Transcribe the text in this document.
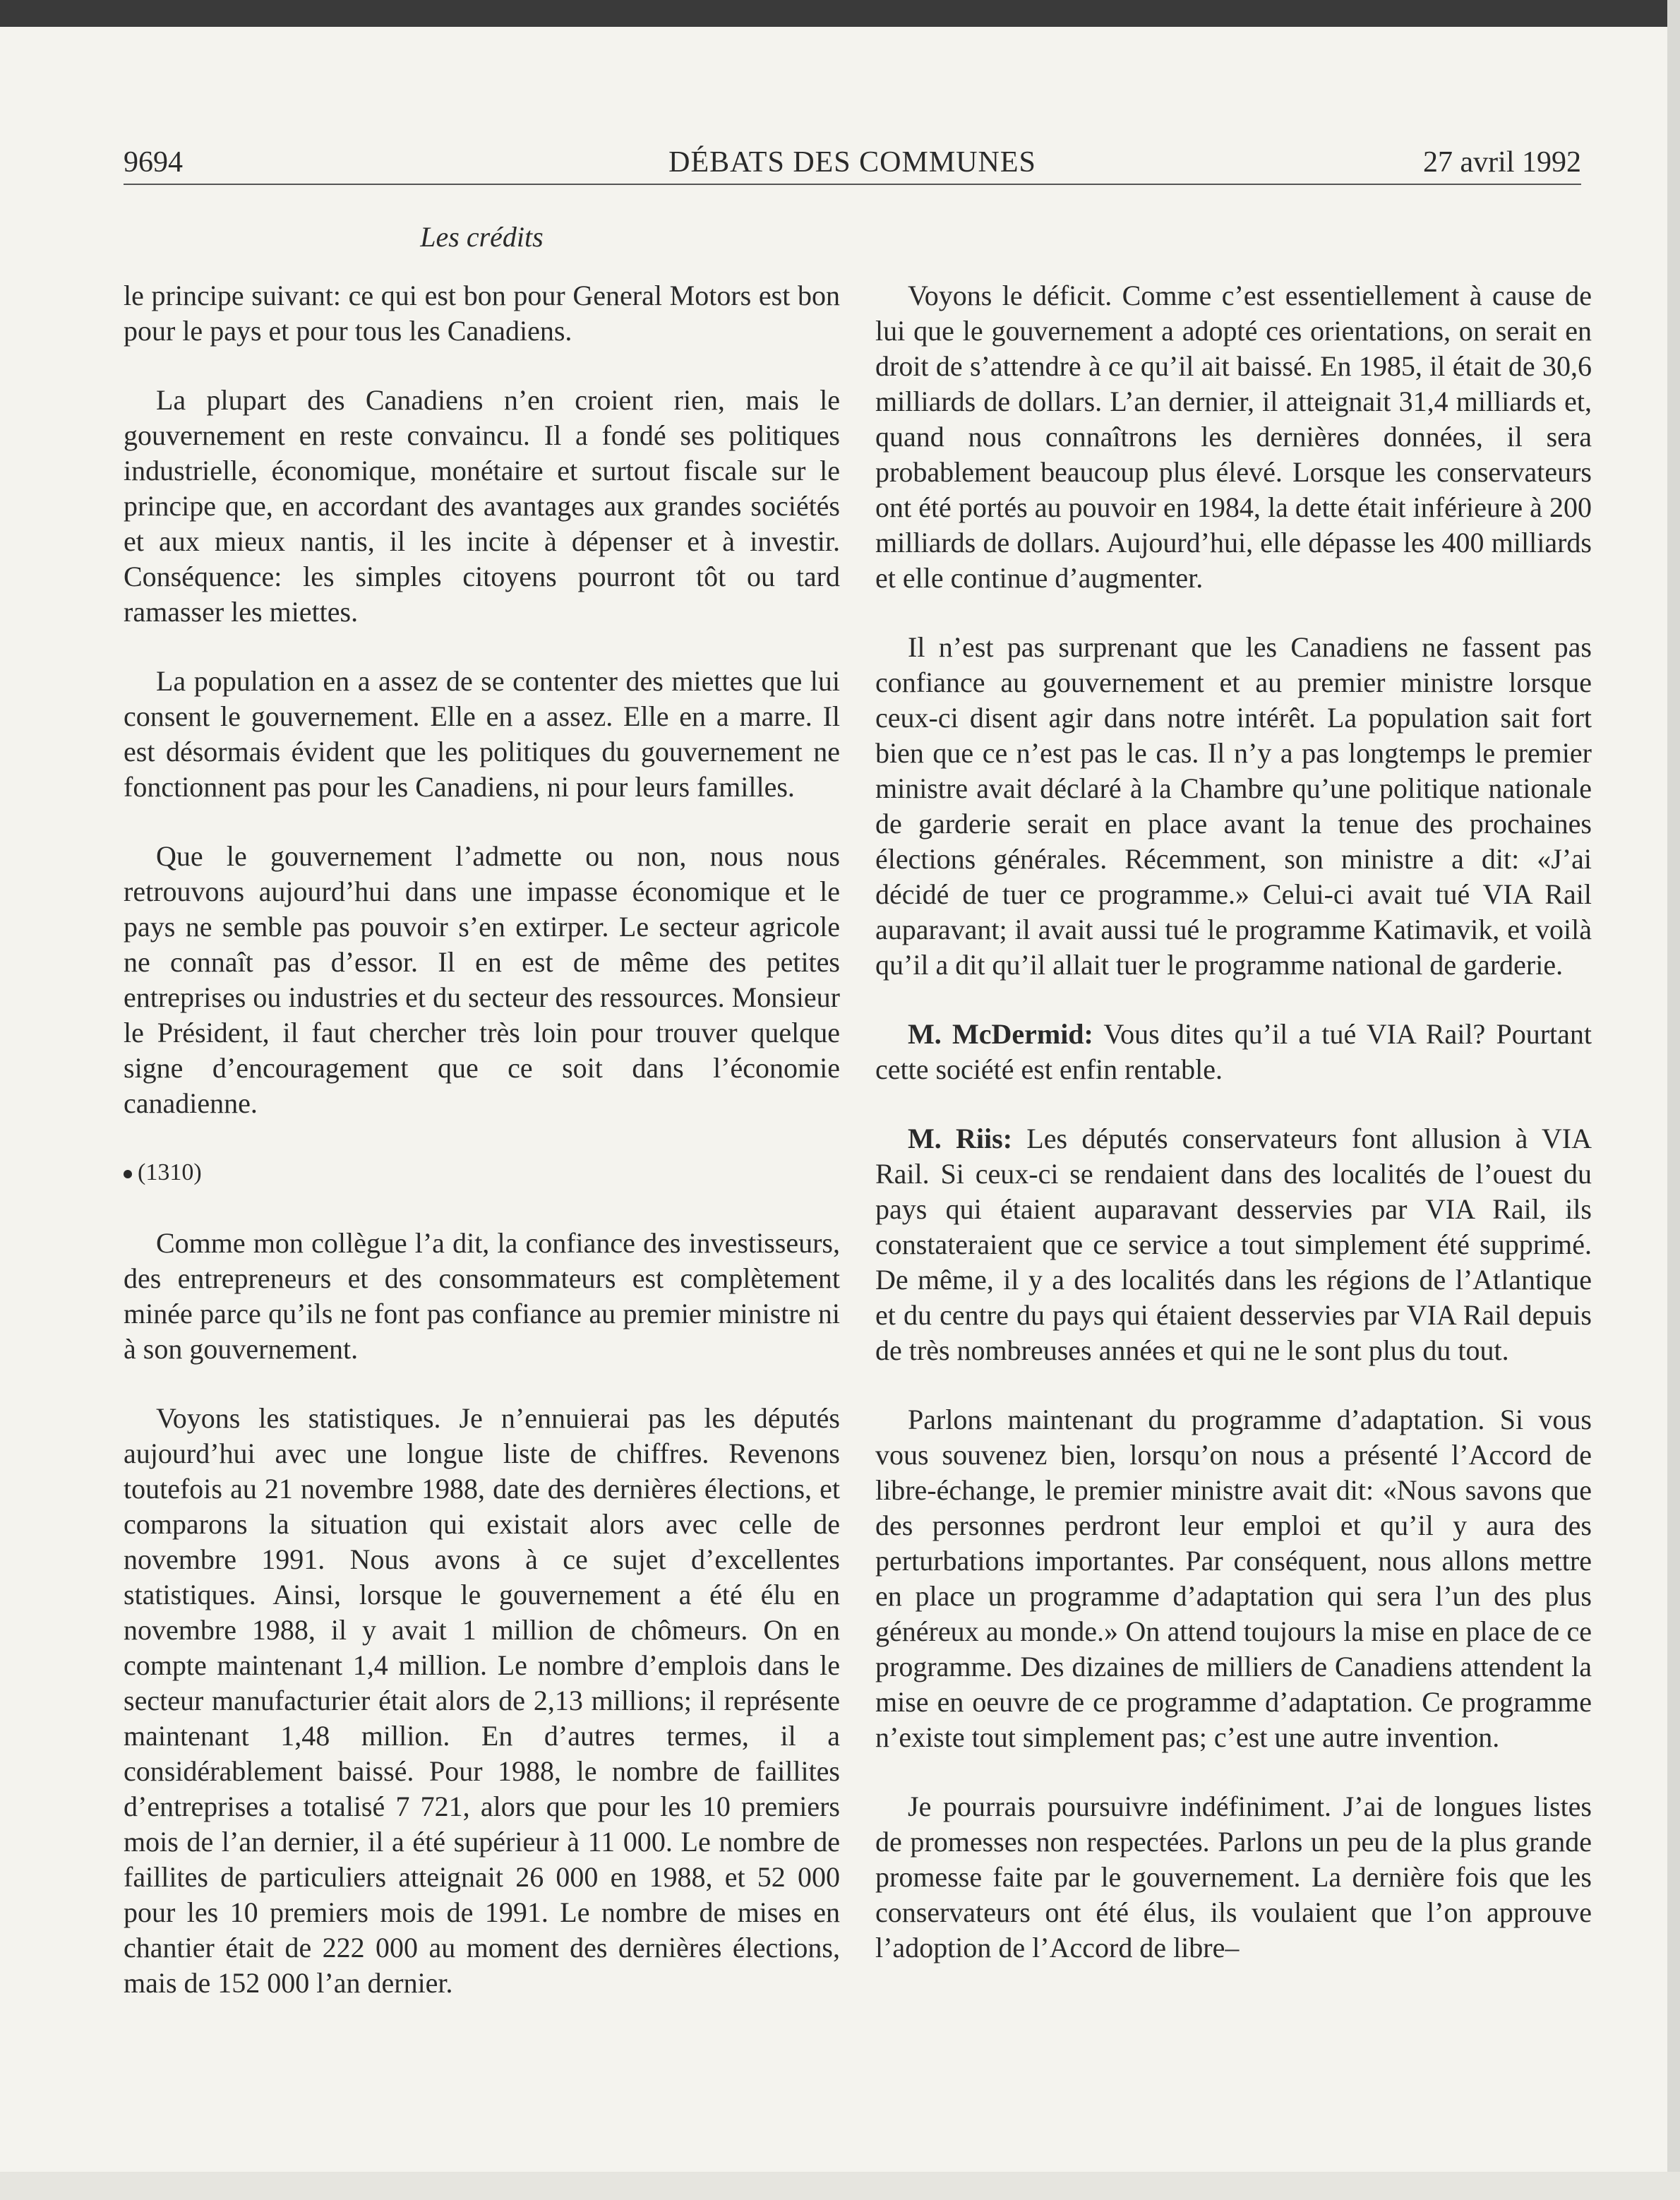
9694	DÉBATS DES COMMUNES	27 avril 1992
Les crédits

le principe suivant: ce qui est bon pour General Motors est bon pour le pays et pour tous les Canadiens.

La plupart des Canadiens n’en croient rien, mais le gouvernement en reste convaincu. Il a fondé ses politiques industrielle, économique, monétaire et surtout fiscale sur le principe que, en accordant des avantages aux grandes sociétés et aux mieux nantis, il les incite à dépenser et à investir. Conséquence: les simples citoyens pourront tôt ou tard ramasser les miettes.

La population en a assez de se contenter des miettes que lui consent le gouvernement. Elle en a assez. Elle en a marre. Il est désormais évident que les politiques du gouvernement ne fonctionnent pas pour les Canadiens, ni pour leurs familles.

Que le gouvernement l’admette ou non, nous nous retrouvons aujourd’hui dans une impasse économique et le pays ne semble pas pouvoir s’en extirper. Le secteur agricole ne connaît pas d’essor. Il en est de même des petites entreprises ou industries et du secteur des ressources. Monsieur le Président, il faut chercher très loin pour trouver quelque signe d’encouragement que ce soit dans l’économie canadienne.

(1310)

Comme mon collègue l’a dit, la confiance des investisseurs, des entrepreneurs et des consommateurs est complètement minée parce qu’ils ne font pas confiance au premier ministre ni à son gouvernement.

Voyons les statistiques. Je n’ennuierai pas les députés aujourd’hui avec une longue liste de chiffres. Revenons toutefois au 21 novembre 1988, date des dernières élections, et comparons la situation qui existait alors avec celle de novembre 1991. Nous avons à ce sujet d’excellentes statistiques. Ainsi, lorsque le gouvernement a été élu en novembre 1988, il y avait 1 million de chômeurs. On en compte maintenant 1,4 million. Le nombre d’emplois dans le secteur manufacturier était alors de 2,13 millions; il représente maintenant 1,48 million. En d’autres termes, il a considérablement baissé. Pour 1988, le nombre de faillites d’entreprises a totalisé 7 721, alors que pour les 10 premiers mois de l’an dernier, il a été supérieur à 11 000. Le nombre de faillites de particuliers atteignait 26 000 en 1988, et 52 000 pour les 10 premiers mois de 1991. Le nombre de mises en chantier était de 222 000 au moment des dernières élections, mais de 152 000 l’an dernier.

Voyons le déficit. Comme c’est essentiellement à cause de lui que le gouvernement a adopté ces orientations, on serait en droit de s’attendre à ce qu’il ait baissé. En 1985, il était de 30,6 milliards de dollars. L’an dernier, il atteignait 31,4 milliards et, quand nous connaîtrons les dernières données, il sera probablement beaucoup plus élevé. Lorsque les conservateurs ont été portés au pouvoir en 1984, la dette était inférieure à 200 milliards de dollars. Aujourd’hui, elle dépasse les 400 milliards et elle continue d’augmenter.

Il n’est pas surprenant que les Canadiens ne fassent pas confiance au gouvernement et au premier ministre lorsque ceux-ci disent agir dans notre intérêt. La population sait fort bien que ce n’est pas le cas. Il n’y a pas longtemps le premier ministre avait déclaré à la Chambre qu’une politique nationale de garderie serait en place avant la tenue des prochaines élections générales. Récemment, son ministre a dit: «J’ai décidé de tuer ce programme.» Celui-ci avait tué VIA Rail auparavant; il avait aussi tué le programme Katimavik, et voilà qu’il a dit qu’il allait tuer le programme national de garderie.

M. McDermid: Vous dites qu’il a tué VIA Rail? Pourtant cette société est enfin rentable.

M. Riis: Les députés conservateurs font allusion à VIA Rail. Si ceux-ci se rendaient dans des localités de l’ouest du pays qui étaient auparavant desservies par VIA Rail, ils constateraient que ce service a tout simplement été supprimé. De même, il y a des localités dans les régions de l’Atlantique et du centre du pays qui étaient desservies par VIA Rail depuis de très nombreuses années et qui ne le sont plus du tout.

Parlons maintenant du programme d’adaptation. Si vous vous souvenez bien, lorsqu’on nous a présenté l’Accord de libre-échange, le premier ministre avait dit: «Nous savons que des personnes perdront leur emploi et qu’il y aura des perturbations importantes. Par conséquent, nous allons mettre en place un programme d’adaptation qui sera l’un des plus généreux au monde.» On attend toujours la mise en place de ce programme. Des dizaines de milliers de Canadiens attendent la mise en oeuvre de ce programme d’adaptation. Ce programme n’existe tout simplement pas; c’est une autre invention.

Je pourrais poursuivre indéfiniment. J’ai de longues listes de promesses non respectées. Parlons un peu de la plus grande promesse faite par le gouvernement. La dernière fois que les conservateurs ont été élus, ils voulaient que l’on approuve l’adoption de l’Accord de libre–
